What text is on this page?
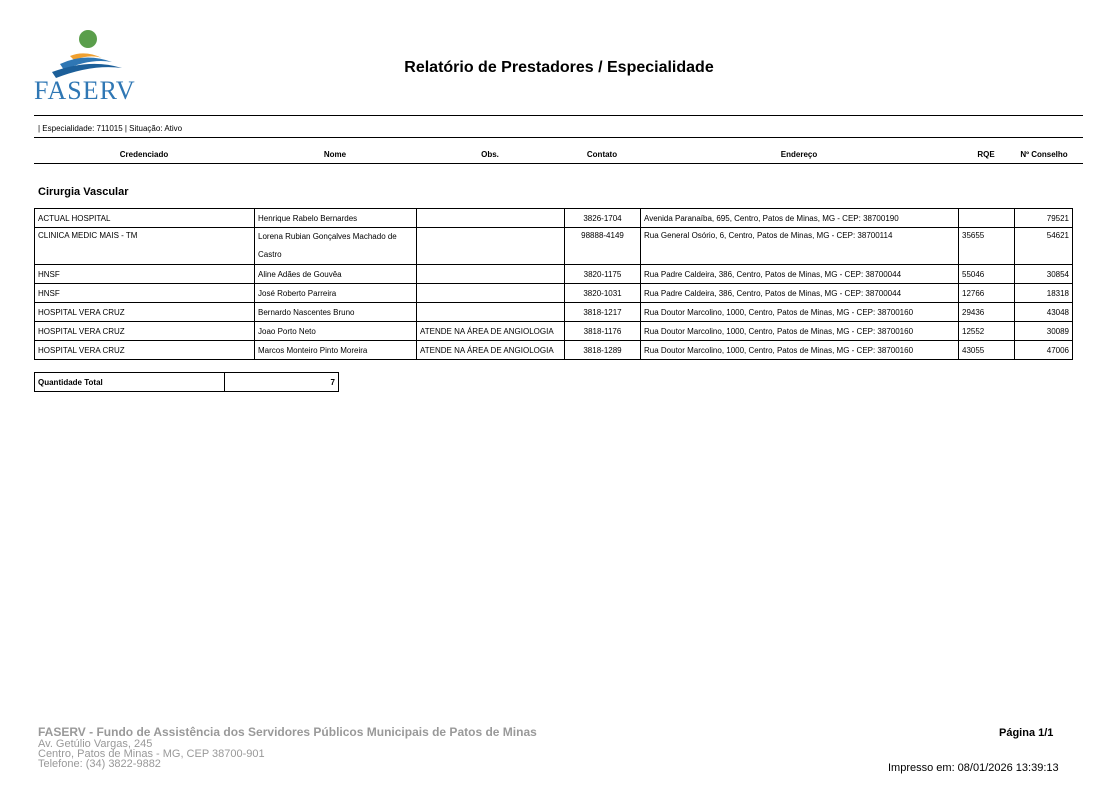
FASERV
Relatório de Prestadores / Especialidade
| Especialidade: 711015 | Situação: Ativo
Credenciado	Nome	Obs.	Contato	Endereço	RQE	Nº Conselho
Cirurgia Vascular
ACTUAL HOSPITAL	Henrique Rabelo Bernardes		3826-1704	Avenida Paranaíba, 695, Centro, Patos de Minas, MG - CEP: 38700190		79521
CLINICA MEDIC MAIS - TM	Lorena Rubian Gonçalves Machado de Castro		98888-4149	Rua General Osório, 6, Centro, Patos de Minas, MG - CEP: 38700114	35655	54621
HNSF	Aline Adães de Gouvêa		3820-1175	Rua Padre Caldeira, 386, Centro, Patos de Minas, MG - CEP: 38700044	55046	30854
HNSF	José Roberto Parreira		3820-1031	Rua Padre Caldeira, 386, Centro, Patos de Minas, MG - CEP: 38700044	12766	18318
HOSPITAL VERA CRUZ	Bernardo Nascentes Bruno		3818-1217	Rua Doutor Marcolino, 1000, Centro, Patos de Minas, MG - CEP: 38700160	29436	43048
HOSPITAL VERA CRUZ	Joao Porto Neto	ATENDE NA ÁREA DE ANGIOLOGIA	3818-1176	Rua Doutor Marcolino, 1000, Centro, Patos de Minas, MG - CEP: 38700160	12552	30089
HOSPITAL VERA CRUZ	Marcos Monteiro Pinto Moreira	ATENDE NA ÁREA DE ANGIOLOGIA	3818-1289	Rua Doutor Marcolino, 1000, Centro, Patos de Minas, MG - CEP: 38700160	43055	47006
Quantidade Total	7
FASERV - Fundo de Assistência dos Servidores Públicos Municipais de Patos de Minas
Av. Getúlio Vargas, 245
Centro, Patos de Minas - MG, CEP 38700-901
Telefone: (34) 3822-9882
Página 1/1
Impresso em: 08/01/2026 13:39:13
